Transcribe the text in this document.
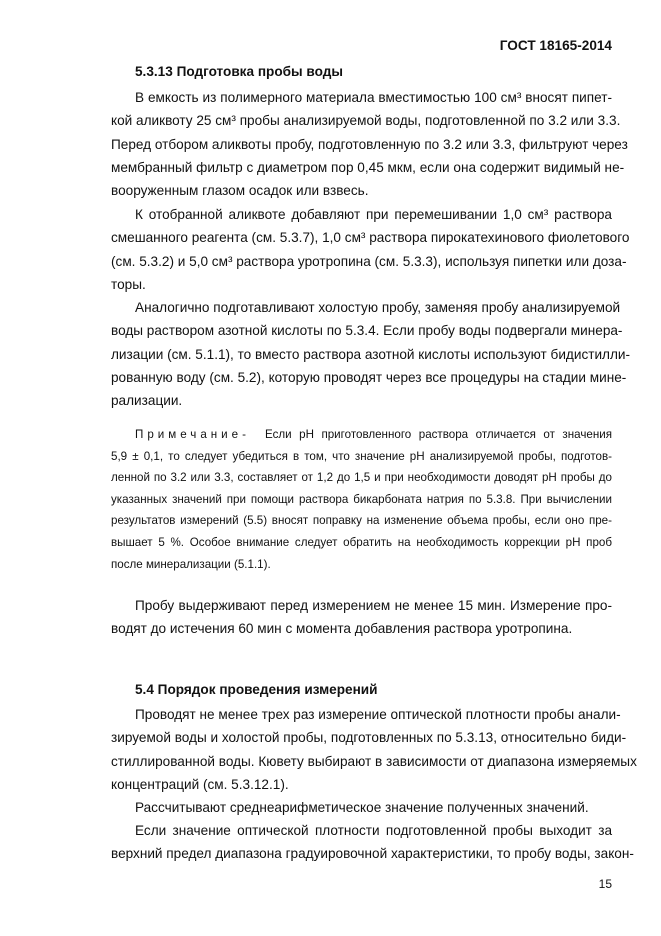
ГОСТ 18165-2014
5.3.13 Подготовка пробы воды
В емкость из полимерного материала вместимостью 100 см³ вносят пипет-
кой аликвоту 25 см³ пробы анализируемой воды, подготовленной по 3.2 или 3.3.
Перед отбором аликвоты пробу, подготовленную по 3.2 или 3.3, фильтруют через
мембранный фильтр с диаметром пор 0,45 мкм, если она содержит видимый не-
вооруженным глазом осадок или взвесь.
К отобранной аликвоте добавляют при перемешивании 1,0 см³ раствора
смешанного реагента (см. 5.3.7), 1,0 см³ раствора пирокатехинового фиолетового
(см. 5.3.2) и 5,0 см³ раствора уротропина (см. 5.3.3), используя пипетки или доза-
торы.
Аналогично подготавливают холостую пробу, заменяя пробу анализируемой
воды раствором азотной кислоты по 5.3.4. Если пробу воды подвергали минера-
лизации (см. 5.1.1), то вместо раствора азотной кислоты используют бидистилли-
рованную воду (см. 5.2), которую проводят через все процедуры на стадии мине-
рализации.
Примечание- Если pH приготовленного раствора отличается от значения
5,9 ± 0,1, то следует убедиться в том, что значение pH анализируемой пробы, подготов-
ленной по 3.2 или 3.3, составляет от 1,2 до 1,5 и при необходимости доводят pH пробы до
указанных значений при помощи раствора бикарбоната натрия по 5.3.8. При вычислении
результатов измерений (5.5) вносят поправку на изменение объема пробы, если оно пре-
вышает 5 %. Особое внимание следует обратить на необходимость коррекции pH проб
после минерализации (5.1.1).
Пробу выдерживают перед измерением не менее 15 мин. Измерение про-
водят до истечения 60 мин с момента добавления раствора уротропина.
5.4 Порядок проведения измерений
Проводят не менее трех раз измерение оптической плотности пробы анали-
зируемой воды и холостой пробы, подготовленных по 5.3.13, относительно биди-
стиллированной воды. Кювету выбирают в зависимости от диапазона измеряемых
концентраций (см. 5.3.12.1).
Рассчитывают среднеарифметическое значение полученных значений.
Если значение оптической плотности подготовленной пробы выходит за
верхний предел диапазона градуировочной характеристики, то пробу воды, закон-
15
